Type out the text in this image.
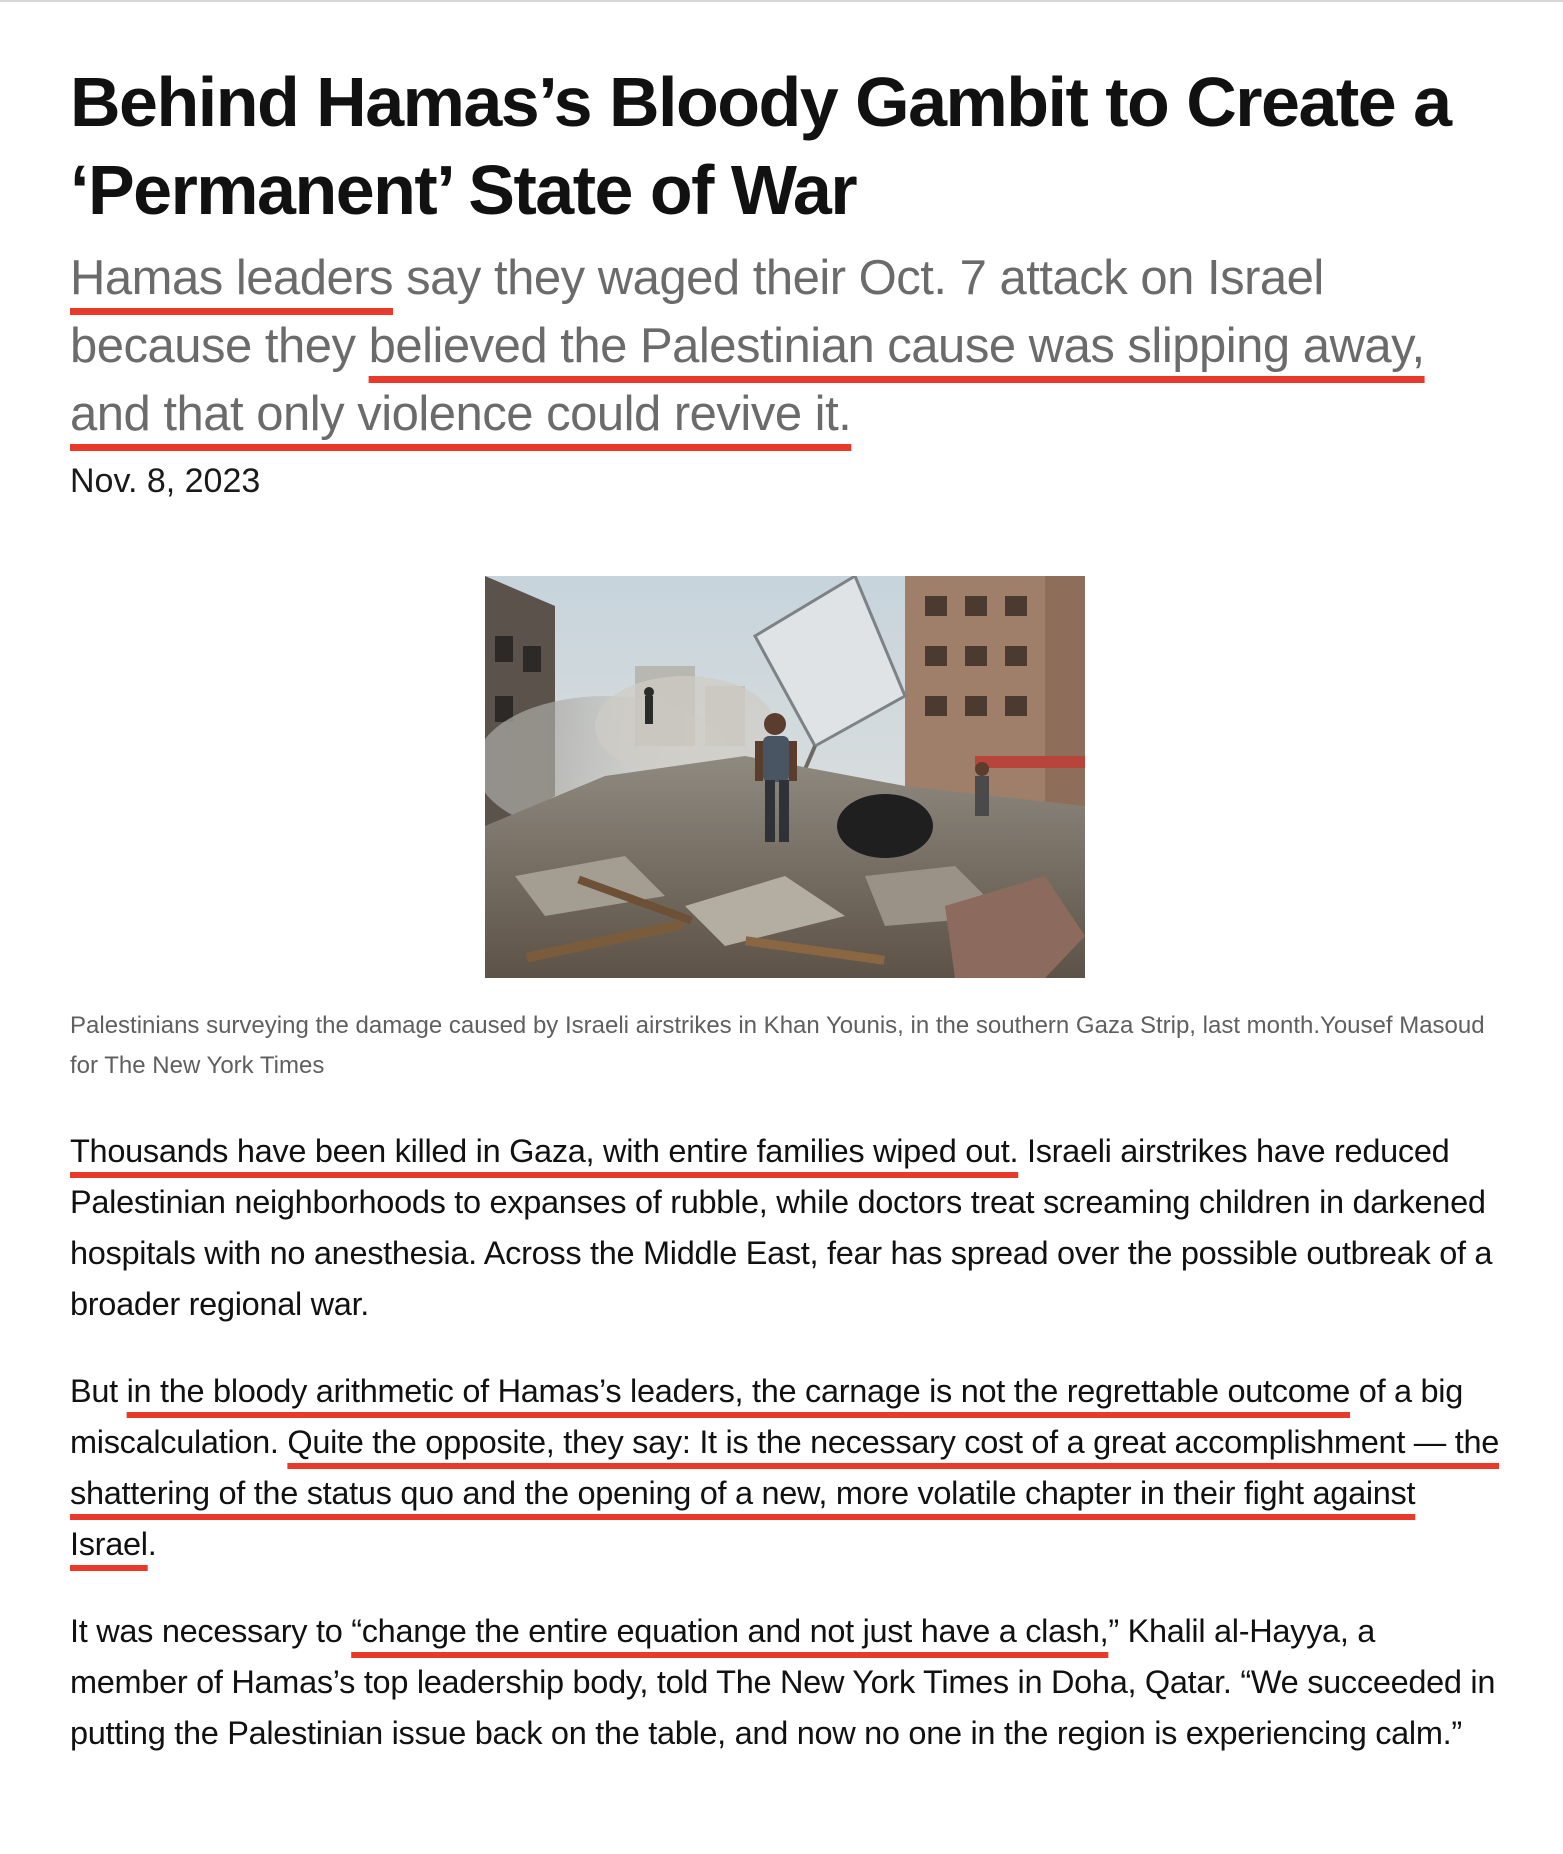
Behind Hamas’s Bloody Gambit to Create a ‘Permanent’ State of War

Hamas leaders say they waged their Oct. 7 attack on Israel because they believed the Palestinian cause was slipping away, and that only violence could revive it.

Nov. 8, 2023

Palestinians surveying the damage caused by Israeli airstrikes in Khan Younis, in the southern Gaza Strip, last month.Yousef Masoud for The New York Times

Thousands have been killed in Gaza, with entire families wiped out. Israeli airstrikes have reduced Palestinian neighborhoods to expanses of rubble, while doctors treat screaming children in darkened hospitals with no anesthesia. Across the Middle East, fear has spread over the possible outbreak of a broader regional war.

But in the bloody arithmetic of Hamas’s leaders, the carnage is not the regrettable outcome of a big miscalculation. Quite the opposite, they say: It is the necessary cost of a great accomplishment — the shattering of the status quo and the opening of a new, more volatile chapter in their fight against Israel.

It was necessary to “change the entire equation and not just have a clash,” Khalil al-Hayya, a member of Hamas’s top leadership body, told The New York Times in Doha, Qatar. “We succeeded in putting the Palestinian issue back on the table, and now no one in the region is experiencing calm.”
